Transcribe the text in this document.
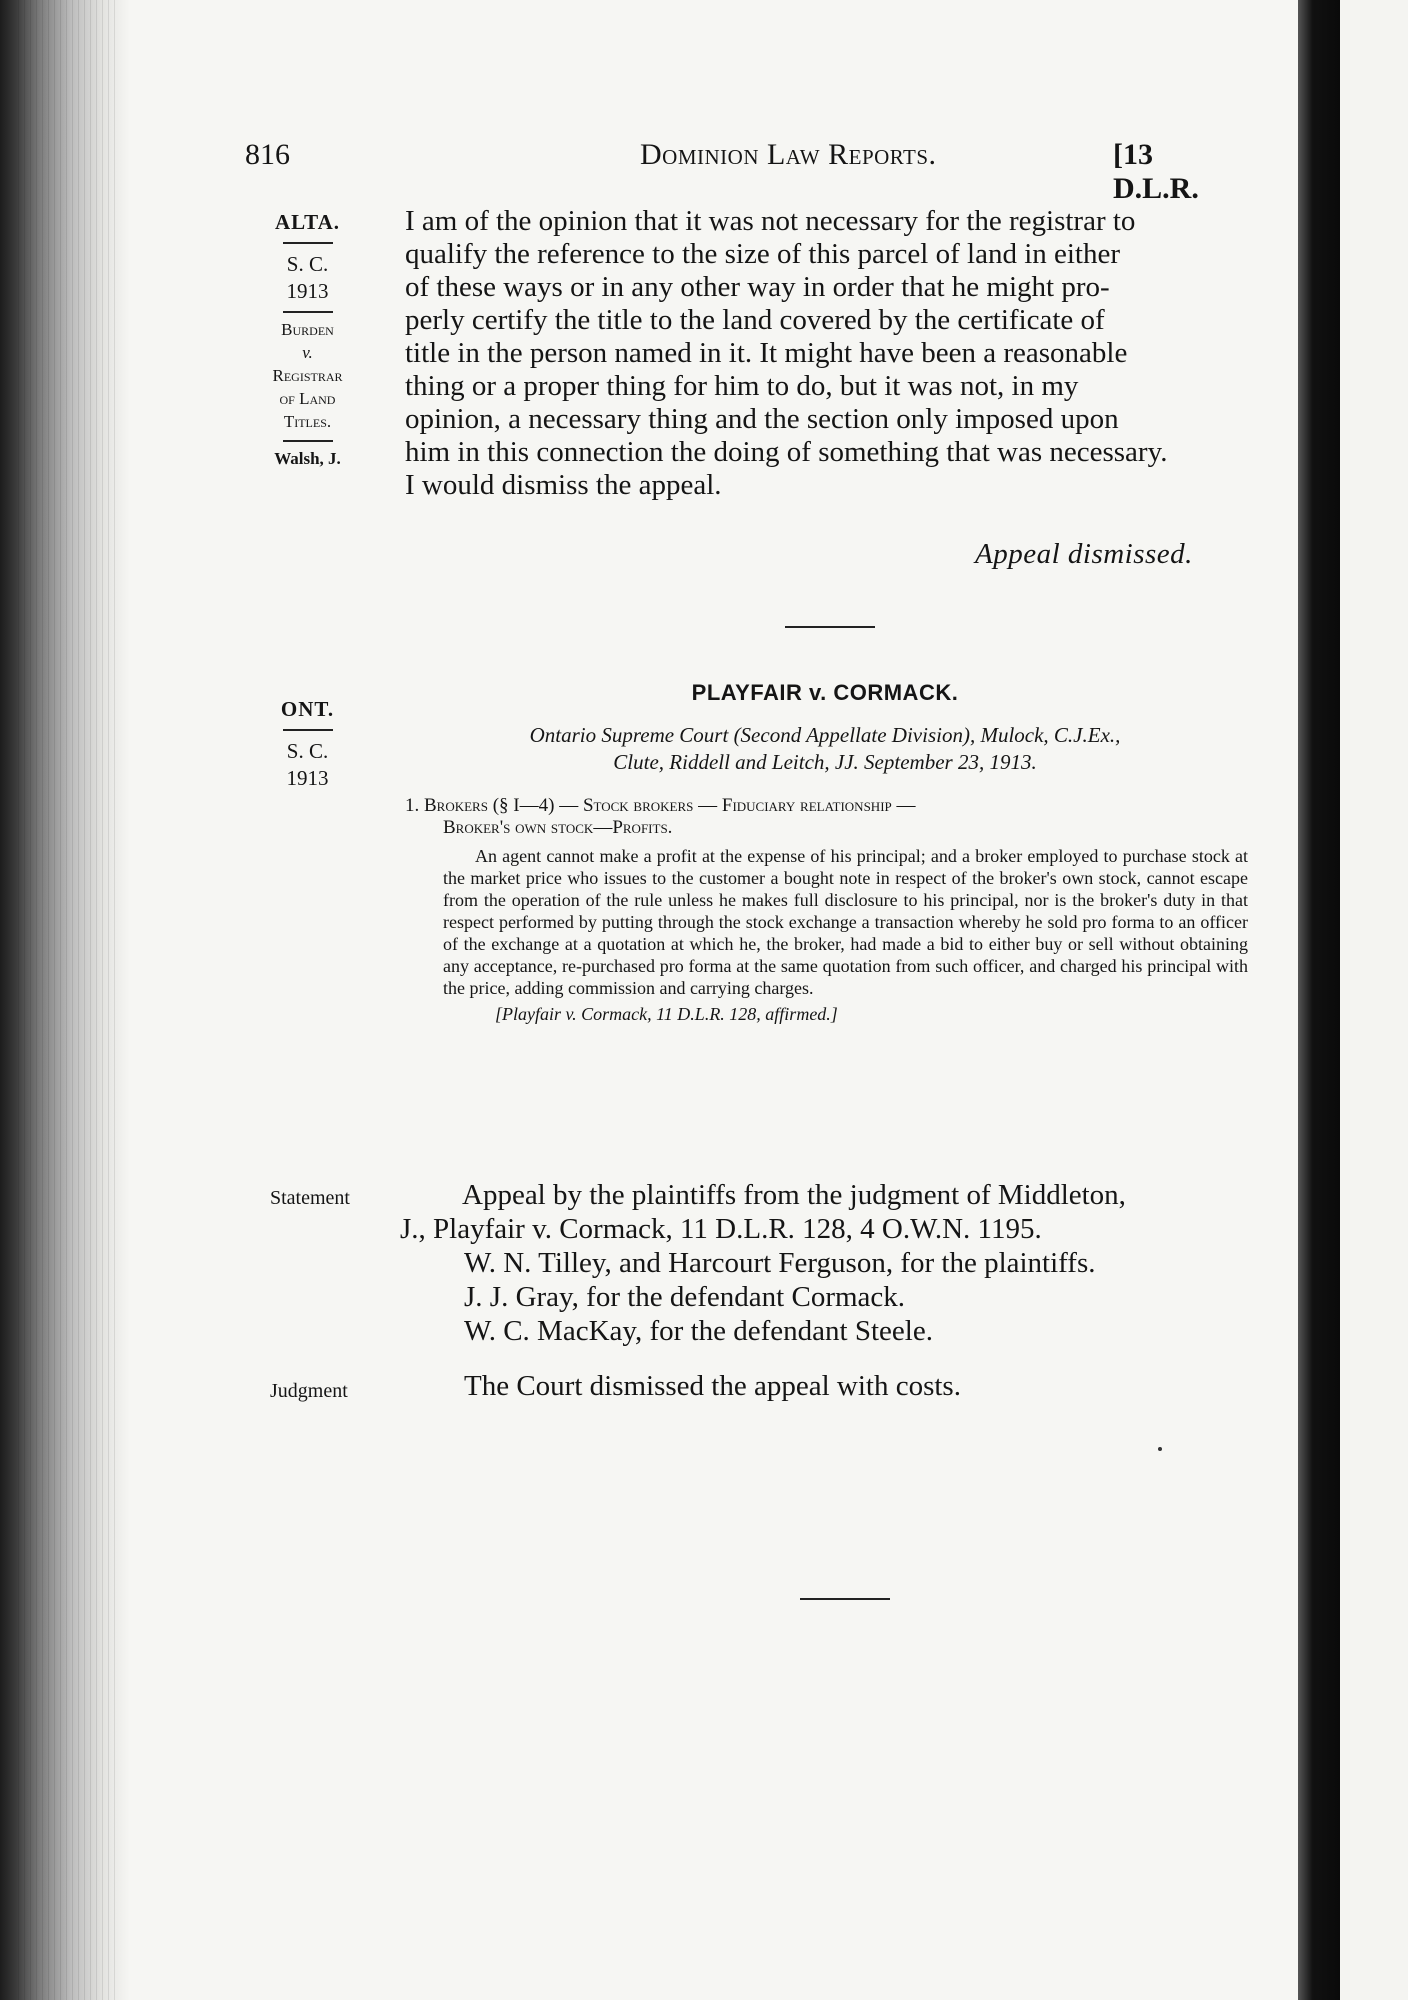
816	Dominion Law Reports.	[13 D.L.R.
ALTA.
S. C.
1913
Burden
v.
Registrar
of Land
Titles.
Walsh, J.

I am of the opinion that it was not necessary for the registrar to

qualify the reference to the size of this parcel of land in either

of these ways or in any other way in order that he might pro-

perly certify the title to the land covered by the certificate of

title in the person named in it. It might have been a reasonable

thing or a proper thing for him to do, but it was not, in my

opinion, a necessary thing and the section only imposed upon

him in this connection the doing of something that was necessary.

I would dismiss the appeal.

Appeal dismissed.
ONT.
S. C.
1913
PLAYFAIR v. CORMACK.
Ontario Supreme Court (Second Appellate Division), Mulock, C.J.Ex.,
Clute, Riddell and Leitch, JJ. September 23, 1913.
1. Brokers (§ I—4) — Stock brokers — Fiduciary relationship —
Broker's own stock—Profits.
An agent cannot make a profit at the expense of his principal; and a broker employed to purchase stock at the market price who issues to the customer a bought note in respect of the broker's own stock, cannot escape from the operation of the rule unless he makes full disclosure to his principal, nor is the broker's duty in that respect performed by putting through the stock exchange a transaction whereby he sold pro forma to an officer of the exchange at a quotation at which he, the broker, had made a bid to either buy or sell without obtaining any acceptance, re-purchased pro forma at the same quotation from such officer, and charged his principal with the price, adding commission and carrying charges.
[Playfair v. Cormack, 11 D.L.R. 128, affirmed.]
Statement	Appeal by the plaintiffs from the judgment of Middleton,
J., Playfair v. Cormack, 11 D.L.R. 128, 4 O.W.N. 1195.
W. N. Tilley, and Harcourt Ferguson, for the plaintiffs.
J. J. Gray, for the defendant Cormack.
W. C. MacKay, for the defendant Steele.
Judgment	The Court dismissed the appeal with costs.
